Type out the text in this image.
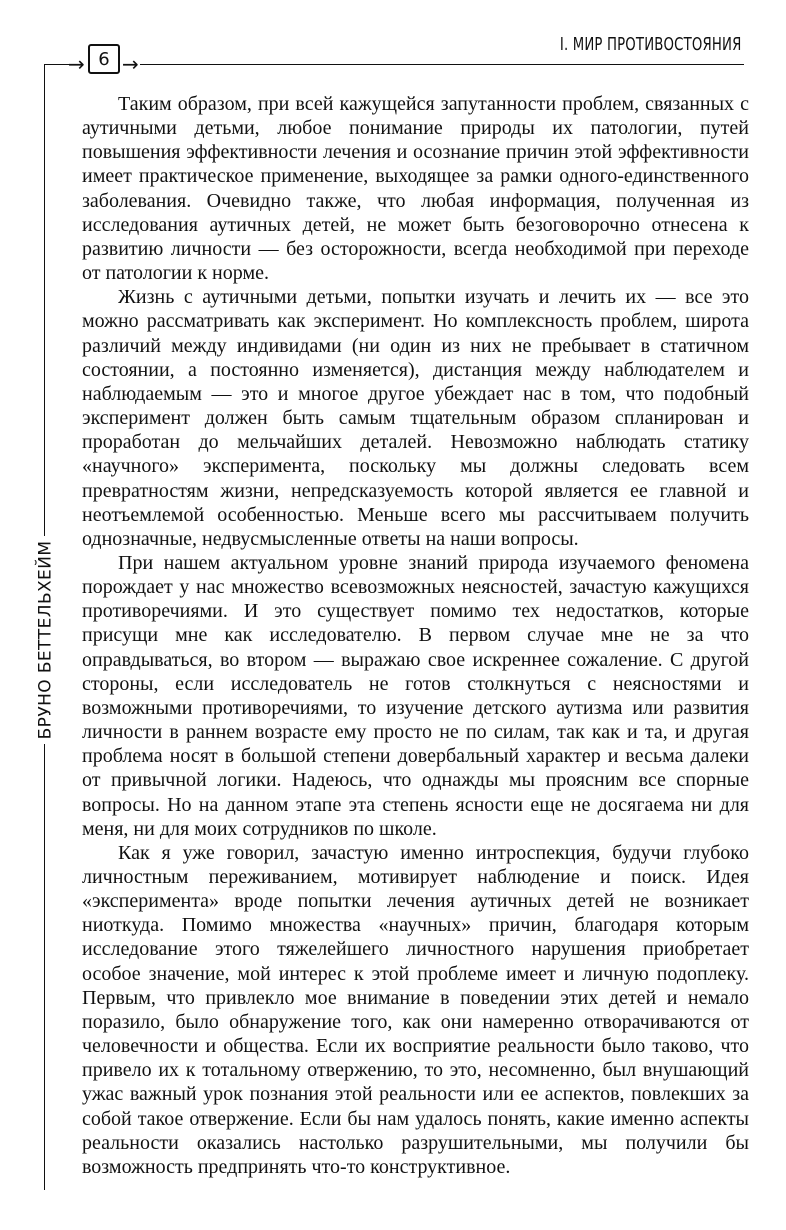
→ 6 →
I. МИР ПРОТИВОСТОЯНИЯ
БРУНО БЕТТЕЛЬХЕЙМ

Таким образом, при всей кажущейся запутанности проблем, связанных с аутичными детьми, любое понимание природы их патологии, путей повышения эффективности лечения и осознание причин этой эффективности имеет практическое применение, выходящее за рамки одного-единственного заболевания. Очевидно также, что любая информация, полученная из исследования аутичных детей, не может быть безоговорочно отнесена к развитию личности — без осторожности, всегда необходимой при переходе от патологии к норме.

Жизнь с аутичными детьми, попытки изучать и лечить их — все это можно рассматривать как эксперимент. Но комплексность проблем, широта различий между индивидами (ни один из них не пребывает в статичном состоянии, а постоянно изменяется), дистанция между наблюдателем и наблюдаемым — это и многое другое убеждает нас в том, что подобный эксперимент должен быть самым тщательным образом спланирован и проработан до мельчайших деталей. Невозможно наблюдать статику «научного» эксперимента, поскольку мы должны следовать всем превратностям жизни, непредсказуемость которой является ее главной и неотъемлемой особенностью. Меньше всего мы рассчитываем получить однозначные, недвусмысленные ответы на наши вопросы.

При нашем актуальном уровне знаний природа изучаемого феномена порождает у нас множество всевозможных неясностей, зачастую кажущихся противоречиями. И это существует помимо тех недостатков, которые присущи мне как исследователю. В первом случае мне не за что оправдываться, во втором — выражаю свое искреннее сожаление. С другой стороны, если исследователь не готов столкнуться с неясностями и возможными противоречиями, то изучение детского аутизма или развития личности в раннем возрасте ему просто не по силам, так как и та, и другая проблема носят в большой степени довербальный характер и весьма далеки от привычной логики. Надеюсь, что однажды мы проясним все спорные вопросы. Но на данном этапе эта степень ясности еще не досягаема ни для меня, ни для моих сотрудников по школе.

Как я уже говорил, зачастую именно интроспекция, будучи глубоко личностным переживанием, мотивирует наблюдение и поиск. Идея «эксперимента» вроде попытки лечения аутичных детей не возникает ниоткуда. Помимо множества «научных» причин, благодаря которым исследование этого тяжелейшего личностного нарушения приобретает особое значение, мой интерес к этой проблеме имеет и личную подоплеку. Первым, что привлекло мое внимание в поведении этих детей и немало поразило, было обнаружение того, как они намеренно отворачиваются от человечности и общества. Если их восприятие реальности было таково, что привело их к тотальному отвержению, то это, несомненно, был внушающий ужас важный урок познания этой реальности или ее аспектов, повлекших за собой такое отвержение. Если бы нам удалось понять, какие именно аспекты реальности оказались настолько разрушительными, мы получили бы возможность предпринять что-то конструктивное.
